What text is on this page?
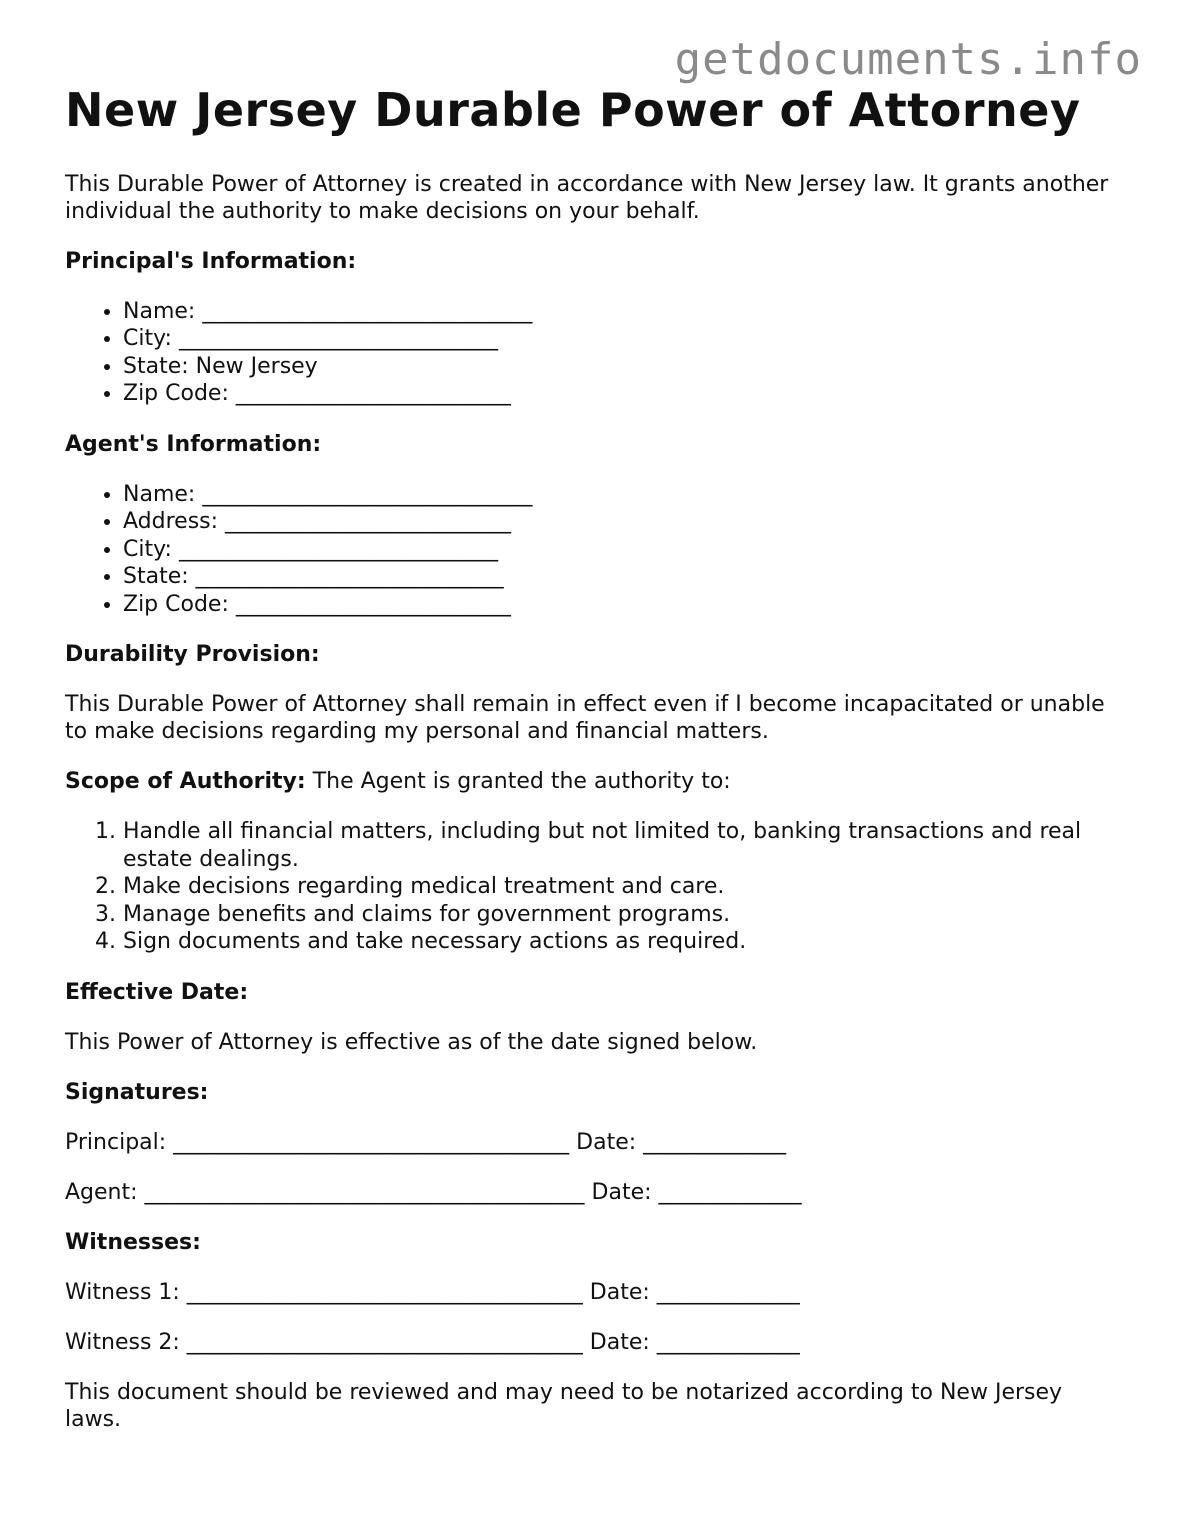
getdocuments.info
New Jersey Durable Power of Attorney

This Durable Power of Attorney is created in accordance with New Jersey law. It grants another individual the authority to make decisions on your behalf.

Principal's Information:

• Name: ______________________________
• City: _____________________________
• State: New Jersey
• Zip Code: _________________________

Agent's Information:

• Name: ______________________________
• Address: __________________________
• City: _____________________________
• State: ____________________________
• Zip Code: _________________________

Durability Provision:

This Durable Power of Attorney shall remain in effect even if I become incapacitated or unable to make decisions regarding my personal and financial matters.

Scope of Authority: The Agent is granted the authority to:

1. Handle all financial matters, including but not limited to, banking transactions and real estate dealings.
2. Make decisions regarding medical treatment and care.
3. Manage benefits and claims for government programs.
4. Sign documents and take necessary actions as required.

Effective Date:

This Power of Attorney is effective as of the date signed below.

Signatures:

Principal: ____________________________________ Date: _____________
Agent: ________________________________________ Date: _____________

Witnesses:

Witness 1: ____________________________________ Date: _____________
Witness 2: ____________________________________ Date: _____________

This document should be reviewed and may need to be notarized according to New Jersey laws.
